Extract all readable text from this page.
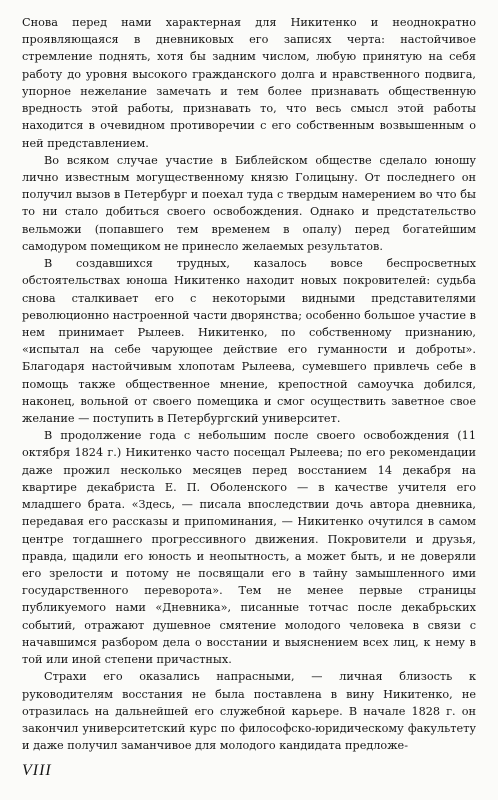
Снова перед нами характерная для Никитенко и неоднократно проявляющаяся в дневниковых его записях черта: настойчивое стремление поднять, хотя бы задним числом, любую принятую на себя работу до уровня высокого гражданского долга и нравственного подвига, упорное нежелание замечать и тем более признавать общественную вредность этой работы, признавать то, что весь смысл этой работы находится в очевидном противоречии с его собственным возвышенным о ней представлением.

Во всяком случае участие в Библейском обществе сделало юношу лично известным могущественному князю Голицыну. От последнего он получил вызов в Петербург и поехал туда с твердым намерением во что бы то ни стало добиться своего освобождения. Однако и предстательство вельможи (попавшего тем временем в опалу) перед богатейшим самодуром помещиком не принесло желаемых результатов.

В создавшихся трудных, казалось вовсе беспросветных обстоятельствах юноша Никитенко находит новых покровителей: судьба снова сталкивает его с некоторыми видными представителями революционно настроенной части дворянства; особенно большое участие в нем принимает Рылеев. Никитенко, по собственному признанию, «испытал на себе чарующее действие его гуманности и доброты». Благодаря настойчивым хлопотам Рылеева, сумевшего привлечь себе в помощь также общественное мнение, крепостной самоучка добился, наконец, вольной от своего помещика и смог осуществить заветное свое желание — поступить в Петербургский университет.

В продолжение года с небольшим после своего освобождения (11 октября 1824 г.) Никитенко часто посещал Рылеева; по его рекомендации даже прожил несколько месяцев перед восстанием 14 декабря на квартире декабриста Е. П. Оболенского — в качестве учителя его младшего брата. «Здесь, — писала впоследствии дочь автора дневника, передавая его рассказы и припоминания, — Никитенко очутился в самом центре тогдашнего прогрессивного движения. Покровители и друзья, правда, щадили его юность и неопытность, а может быть, и не доверяли его зрелости и потому не посвящали его в тайну замышленного ими государственного переворота». Тем не менее первые страницы публикуемого нами «Дневника», писанные тотчас после декабрьских событий, отражают душевное смятение молодого человека в связи с начавшимся разбором дела о восстании и выяснением всех лиц, к нему в той или иной степени причастных.

Страхи его оказались напрасными, — личная близость к руководителям восстания не была поставлена в вину Никитенко, не отразилась на дальнейшей его служебной карьере. В начале 1828 г. он закончил университетский курс по философско-юридическому факультету и даже получил заманчивое для молодого кандидата предложе-

VIII
